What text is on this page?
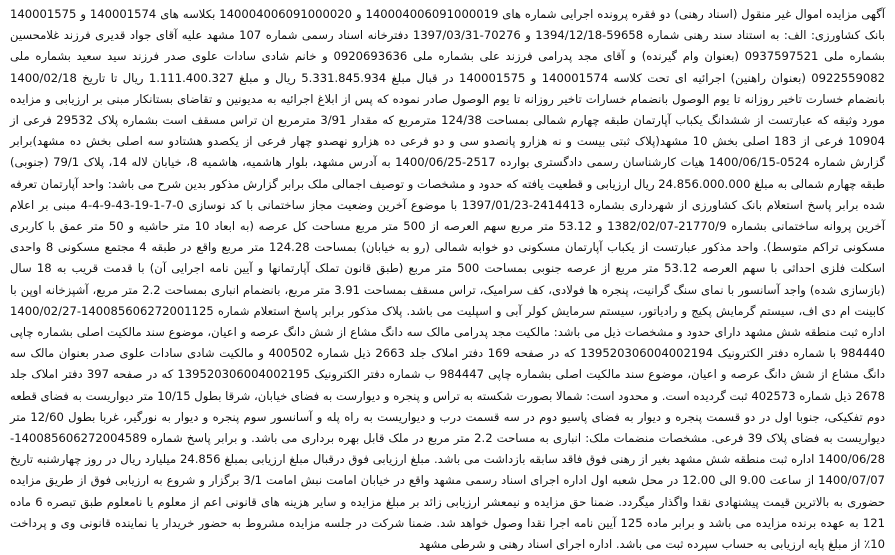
آگهی مزایده اموال غیر منقول (اسناد رهنی) دو فقره پرونده اجرایی شماره های 140004006091000019 و 140004006091000020 بکلاسه های 140001574 و 140001575 بانک کشاورزی: الف: به استناد سند رهنی شماره 59658-1394/12/18 و 70276-1397/03/31 دفترخانه اسناد رسمی شماره 107 مشهد علیه آقای جواد قدیری فرزند غلامحسین بشماره ملی 0937597521 (بعنوان وام گیرنده) و آقای مجد پدرامی فرزند علی بشماره ملی 0920693636 و خانم شادی سادات علوی صدر فرزند سید سعید بشماره ملی 0922559082 (بعنوان راهنین) اجرائیه ای تحت کلاسه 140001574 و 140001575 در قبال مبلغ 5.331.845.934 ریال و مبلغ 1.111.400.327 ریال تا تاریخ 1400/02/18 بانضمام خسارت تاخیر روزانه تا یوم الوصول بانضمام خسارات تاخیر روزانه تا یوم الوصول صادر نموده که پس از ابلاغ اجرائیه به مدیونین و تقاضای بستانکار مبنی بر ارزیابی و مزایده مورد وثیقه که عبارتست از ششدانگ یکباب آپارتمان طبقه چهارم شمالی بمساحت 124/38 مترمربع که مقدار 3/91 مترمربع ان تراس مسقف است بشماره پلاک 29532 فرعی از 10904 فرعی از 183 اصلی بخش 10 مشهد(پلاک ثبتی بیست و نه هزارو پانصدو سی و دو فرعی ده هزارو نهصدو چهار فرعی از یکصدو هشتادو سه اصلی بخش ده مشهد)برابر گزارش شماره 0524-1400/06/15 هیات کارشناسان رسمی دادگستری بوارده 2517-1400/06/25 به آدرس مشهد، بلوار هاشمیه، هاشمیه 8، خیابان لاله 14، پلاک 79/1 (جنوبی) طبقه چهارم شمالی به مبلغ 24.856.000.000 ریال ارزیابی و قطعیت یافته که حدود و مشخصات و توصیف اجمالی ملک برابر گزارش مذکور بدین شرح می باشد: واحد آپارتمان تعرفه شده برابر پاسخ استعلام بانک کشاورزی از شهرداری بشماره 2414413-1397/01/23 با موضوع آخرین وضعیت مجاز ساختمانی با کد نوسازی 0-7-1-19-43-9-4-4 مبنی بر اعلام آخرین پروانه ساختمانی بشماره 21770/9-1382/02/07 و 53.12 متر مربع سهم العرصه از 500 متر مربع مساحت کل عرصه (به ابعاد 10 متر حاشیه و 50 متر عمق با کاربری مسکونی تراکم متوسط). واحد مذکور عبارتست از یکباب آپارتمان مسکونی دو خوابه شمالی (رو به خیابان) بمساحت 124.28 متر مربع واقع در طبقه 4 مجتمع مسکونی 8 واحدی اسکلت فلزی احداثی با سهم العرصه 53.12 متر مربع از عرصه جنوبی بمساحت 500 متر مربع (طبق قانون تملک آپارتمانها و آیین نامه اجرایی آن) با قدمت قریب به 18 سال (بازسازی شده) واجد آسانسور با نمای سنگ گرانیت، پنجره ها فولادی، کف سرامیک، تراس مسقف بمساحت 3.91 متر مربع، بانضمام انباری بمساحت 2.2 متر مربع، آشپزخانه اوپن با کابینت ام دی اف، سیستم گرمایش پکیج و رادیاتور، سیستم سرمایش کولر آبی و اسپلیت می باشد. پلاک مذکور برابر پاسخ استعلام شماره 140085606272001125-1400/02/27 اداره ثبت منطقه شش مشهد دارای حدود و مشخصات ذیل می باشد: مالکیت مجد پدرامی مالک سه دانگ مشاع از شش دانگ عرصه و اعیان، موضوع سند مالکیت اصلی بشماره چاپی 984440 با شماره دفتر الکترونیک 139520306004002194 که در صفحه 169 دفتر املاک جلد 2663 ذیل شماره 400502 و مالکیت شادی سادات علوی صدر بعنوان مالک سه دانگ مشاع از شش دانگ عرصه و اعیان، موضوع سند مالکیت اصلی بشماره چاپی 984447 ب شماره دفتر الکترونیک 139520306004002195 که در صفحه 397 دفتر املاک جلد 2678 ذیل شماره 402573 ثبت گردیده است. و محدود است: شمالا بصورت شکسته به تراس و پنجره و دیوارست به فضای خیابان، شرقا بطول 10/15 متر دیواریست به فضای قطعه دوم تفکیکی، جنوبا اول در دو قسمت پنجره و دیوار به فضای پاسیو دوم در سه قسمت درب و دیواریست به راه پله و آسانسور سوم پنجره و دیوار به نورگیر، غربا بطول 12/60 متر دیواریست به فضای پلاک 39 فرعی. مشخصات منضمات ملک: انباری به مساحت 2.2 متر مربع در ملک قابل بهره برداری می باشد. و برابر پاسخ شماره 140085606272004589-1400/06/28 اداره ثبت منطقه شش مشهد بغیر از رهنی فوق فاقد سابقه بازداشت می باشد. مبلغ ارزیابی فوق درقبال مبلغ ارزیابی بمبلغ 24.856 میلیارد ریال در روز چهارشنبه تاریخ 1400/07/07 از ساعت 9.00 الی 12.00 در محل شعبه اول اداره اجرای اسناد رسمی مشهد واقع در خیابان امامت نبش امامت 3/1 برگزار و شروع به ارزیابی فوق از طریق مزایده حضوری به بالاترین قیمت پیشنهادی نقدا واگذار میگردد. ضمنا حق مزایده و نیمعشر ارزیابی زائد بر مبلغ مزایده و سایر هزینه های قانونی اعم از معلوم یا نامعلوم طبق تبصره 6 ماده 121 به عهده برنده مزایده می باشد و برابر ماده 125 آیین نامه اجرا نقدا وصول خواهد شد. ضمنا شرکت در جلسه مزایده مشروط به حضور خریدار یا نماینده قانونی وی و پرداخت 10٪ از مبلغ پایه ارزیابی به حساب سپرده ثبت می باشد. اداره اجرای اسناد رهنی و شرطی مشهد
